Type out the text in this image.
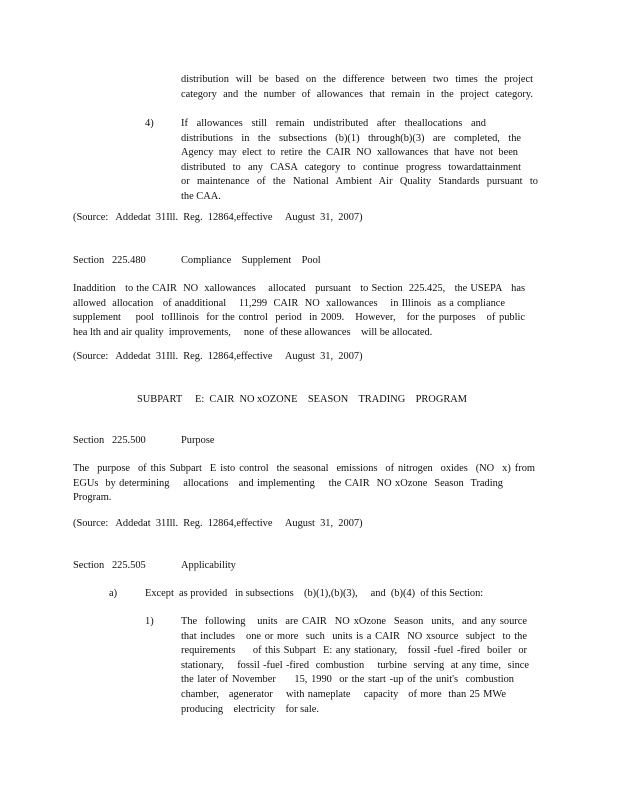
distribution will be based on the difference between two times the project
category and the number of allowances that remain in the project category.
4)	If allowances still remain undistributed after theallocations and
distributions in the subsections (b)(1) through(b)(3) are completed, the
Agency may elect to retire the CAIR NO xallowances that have not been
distributed to any CASA category to continue progress towardattainment
or maintenance of the National Ambient Air Quality Standards pursuant to
the CAA.
(Source:   Addedat  31Ill.  Reg.  12864,effective     August  31,  2007)
Section   225.480	Compliance    Supplement    Pool
Inaddition   to the CAIR  NO  xallowances    allocated   pursuant   to Section  225.425,   the USEPA   has
allowed  allocation   of anadditional    11,299  CAIR  NO  xallowances    in Illinois  as a compliance
supplement    pool  toIllinois  for the control  period  in 2009.   However,   for the purposes   of public
hea lth and air quality  improvements,     none  of these allowances    will be allocated.
(Source:   Addedat  31Ill.  Reg.  12864,effective     August  31,  2007)
SUBPART     E:  CAIR  NO xOZONE    SEASON    TRADING    PROGRAM
Section   225.500	Purpose
The  purpose  of this Subpart  E isto control  the seasonal  emissions  of nitrogen  oxides  (NO  x) from
EGUs  by determining    allocations   and implementing    the CAIR  NO xOzone  Season  Trading
Program.
(Source:   Addedat  31Ill.  Reg.  12864,effective     August  31,  2007)
Section   225.505	Applicability
a)	Except  as provided   in subsections    (b)(1),(b)(3),     and  (b)(4)  of this Section:
1)	The  following   units  are CAIR  NO xOzone  Season  units,  and any source
that includes   one or more  such  units is a CAIR  NO xsource  subject  to the
requirements     of this Subpart  E: any stationary,   fossil -fuel -fired  boiler  or
stationary,    fossil -fuel -fired  combustion    turbine  serving  at any time,  since
the later of November     15, 1990  or the start -up of the unit's  combustion
chamber,   agenerator    with nameplate    capacity   of more  than 25 MWe
producing    electricity    for sale.
